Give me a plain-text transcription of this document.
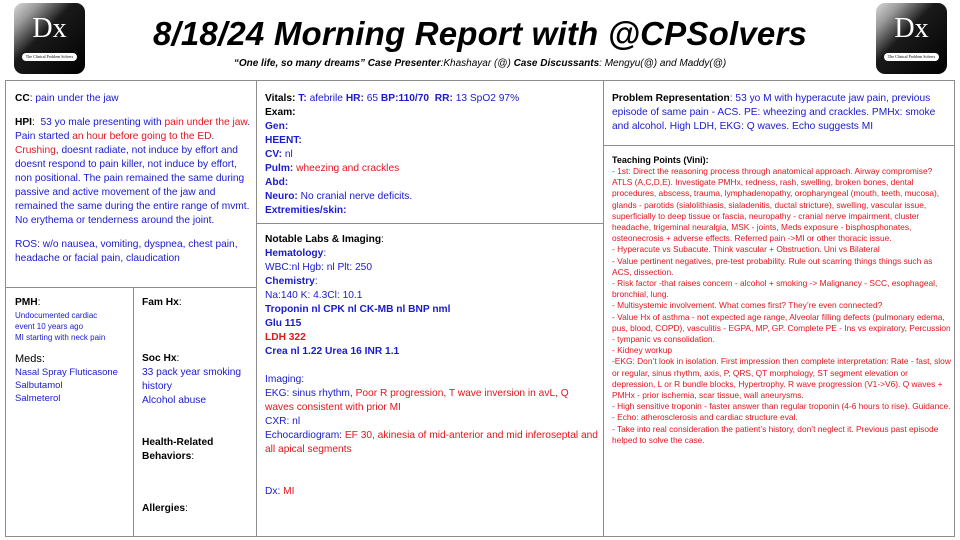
Dx
The Clinical Problem Solvers
Dx
The Clinical Problem Solvers
8/18/24 Morning Report with @CPSolvers
“One life, so many dreams” Case Presenter:Khashayar (@) Case Discussants: Mengyu(@) and Maddy(@)

CC: pain under the jaw

HPI:  53 yo male presenting with pain under the jaw. Pain started an hour before going to the ED. Crushing, doesnt radiate, not induce by effort and doesnt respond to pain killer, not induce by effort, non positional. The pain remained the same during passive and active movement of the jaw and remained the same during the entire range of mvmt. No erythema or tenderness around the joint.

ROS: w/o nausea, vomiting, dyspnea, chest pain, headache or facial pain, claudication

PMH:

Undocumented cardiac

event 10 years ago

MI starting with neck pain

Meds:

Nasal Spray Fluticasone

Salbutamol

Salmeterol

Fam Hx:

Soc Hx:

33 pack year smoking history

Alcohol abuse

Health-Related Behaviors:

Allergies:

Vitals: T: afebrile HR: 65 BP:110/70 RR: 13 SpO2 97%

Exam:

Gen:

HEENT:

CV: nl

Pulm: wheezing and crackles

Abd:

Neuro: No cranial nerve deficits.

Extremities/skin:

Notable Labs & Imaging:

Hematology:

WBC:nl Hgb: nl Plt: 250

Chemistry:

Na:140 K: 4.3Cl: 10.1

Troponin nl CPK nl CK-MB nl BNP nml

Glu 115

LDH 322

Crea nl 1.22 Urea 16 INR 1.1

Imaging:

EKG: sinus rhythm, Poor R progression, T wave inversion in avL, Q waves consistent with prior MI

CXR: nl

Echocardiogram: EF 30, akinesia of mid-anterior and mid inferoseptal and all apical segments

Dx: MI

Problem Representation: 53 yo M with hyperacute jaw pain, previous episode of same pain - ACS. PE: wheezing and crackles. PMHx: smoke and alcohol. High LDH, EKG: Q waves. Echo suggests MI

Teaching Points (Vini):

- 1st: Direct the reasoning process through anatomical approach. Airway compromise? ATLS (A,C,D,E). Investigate PMHx, redness, rash, swelling, broken bones, dental procedures, abscess, trauma, lymphadenopathy, oropharyngeal (mouth, teeth, mucosa), glands - parotids (sialolithiasis, sialadenitis, ductal stricture), swelling, vascular issue, superficially to deep tissue or fascia, neuropathy - cranial nerve impairment, cluster headache, trigeminal neuralgia, MSK - joints, Meds exposure - bisphosphonates, osteonecrosis + adverse effects. Referred pain ->MI or other thoracic issue.

- Hyperacute vs Subacute. Think vascular + Obstruction. Uni vs Bilateral

- Value pertinent negatives, pre-test probability. Rule out scarring things things such as ACS, dissection.

- Risk factor -that raises concern - alcohol + smoking -> Malignancy - SCC, esophageal, bronchial, lung.

- Multisystemic involvement. What comes first? They’re even connected?

- Value Hx of asthma - not expected age range, Alveolar filling defects (pulmonary edema, pus, blood, COPD), vasculitis - EGPA, MP, GP. Complete PE - Ins vs expiratory, Percussion - tympanic vs consolidation.

- Kidney workup

-EKG: Don’t look in isolation. First impression then complete interpretation: Rate - fast, slow or regular, sinus rhythm, axis, P, QRS, QT morphology, ST segment elevation or depression, L or R bundle blocks, Hypertrophy. R wave progression (V1->V6). Q waves + PMHx - prior ischemia, scar tissue, wall aneurysms.

- High sensitive troponin - faster answer than regular troponin (4-6 hours to rise). Guidance.

- Echo: atherosclerosis and cardiac structure eval.

- Take into real consideration the patient’s history, don’t neglect it. Previous past episode helped to solve the case.
